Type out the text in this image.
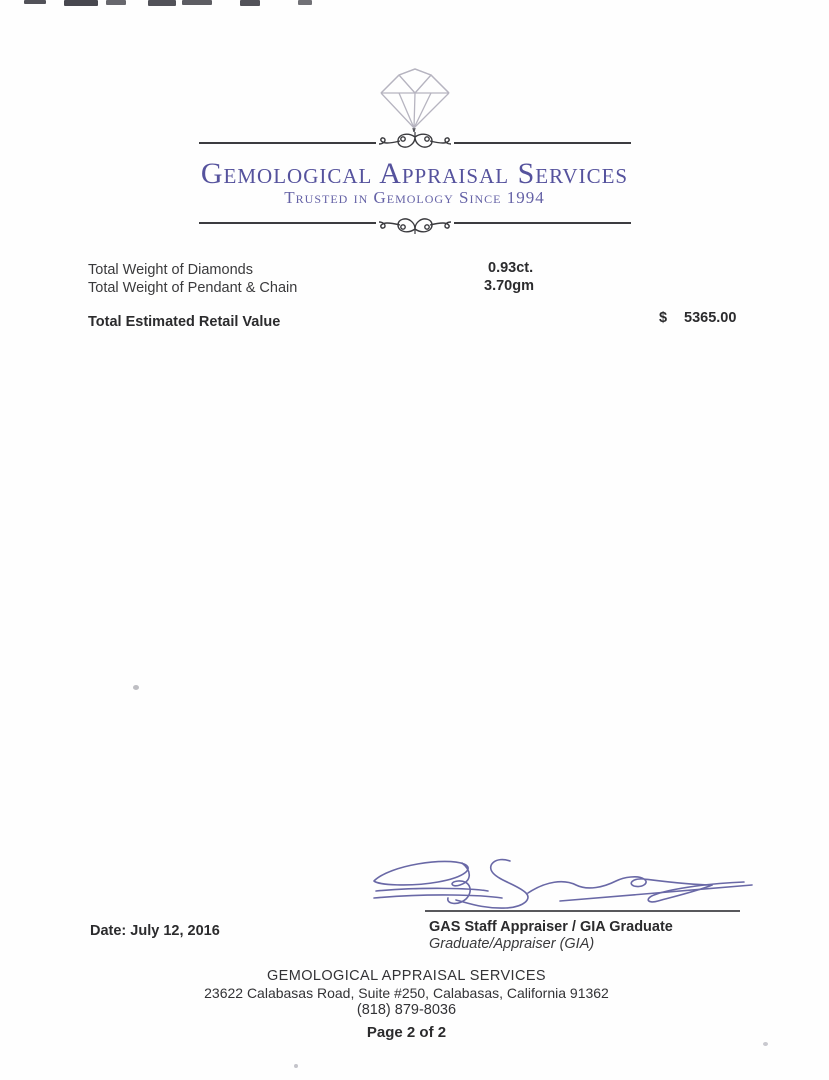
Gemological Appraisal Services
Trusted in Gemology Since 1994
Total Weight of Diamonds
Total Weight of Pendant & Chain
0.93ct.
3.70gm
Total Estimated Retail Value	$ 5365.00
GAS Staff Appraiser / GIA Graduate
Graduate/Appraiser (GIA)
Date: July 12, 2016
GEMOLOGICAL APPRAISAL SERVICES
23622 Calabasas Road, Suite #250, Calabasas, California 91362
(818) 879-8036
Page 2 of 2
